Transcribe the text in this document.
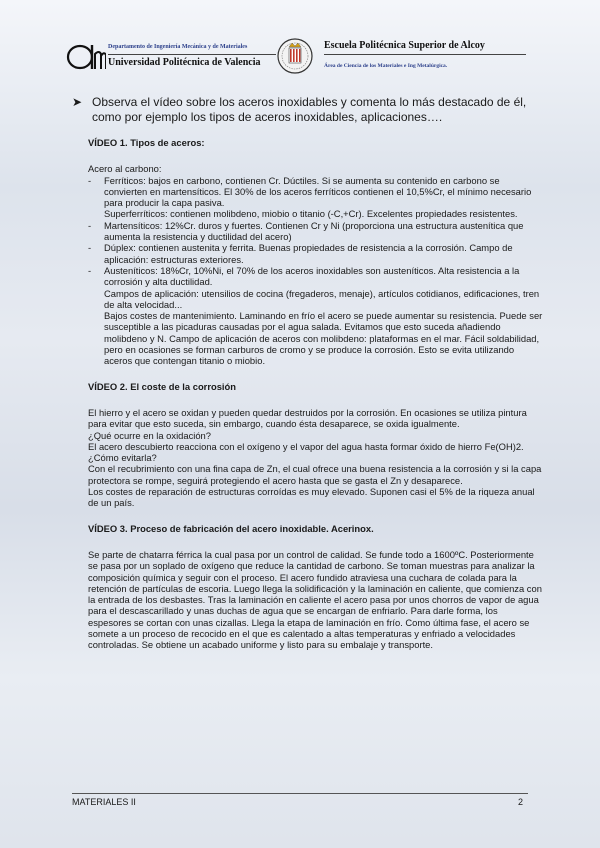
Departamento de Ingeniería Mecánica y de Materiales
Universidad Politécnica de Valencia
Escuela Politécnica Superior de Alcoy
Área de Ciencia de los Materiales e Ing Metalúrgica.
➤ Observa el vídeo sobre los aceros inoxidables y comenta lo más destacado de él, como por ejemplo los tipos de aceros inoxidables, aplicaciones….

VÍDEO 1. Tipos de aceros:

Acero al carbono:

- Ferríticos: bajos en carbono, contienen Cr. Dúctiles. Si se aumenta su contenido en carbono se convierten en martensíticos. El 30% de los aceros ferríticos contienen el 10,5%Cr, el mínimo necesario para producir la capa pasiva.

Superferríticos: contienen molibdeno, miobio o titanio (-C,+Cr). Excelentes propiedades resistentes.

- Martensíticos: 12%Cr. duros y fuertes. Contienen Cr y Ni (proporciona una estructura austenítica que aumenta la resistencia y ductilidad del acero)
- Dúplex: contienen austenita y ferrita. Buenas propiedades de resistencia a la corrosión. Campo de aplicación: estructuras exteriores.
- Austeníticos: 18%Cr, 10%Ni, el 70% de los aceros inoxidables son austeníticos. Alta resistencia a la corrosión y alta ductilidad.

Campos de aplicación: utensilios de cocina (fregaderos, menaje), artículos cotidianos, edificaciones, tren de alta velocidad...

Bajos costes de mantenimiento. Laminando en frío el acero se puede aumentar su resistencia. Puede ser susceptible a las picaduras causadas por el agua salada. Evitamos que esto suceda añadiendo molibdeno y N. Campo de aplicación de aceros con molibdeno: plataformas en el mar. Fácil soldabilidad, pero en ocasiones se forman carburos de cromo y se produce la corrosión. Esto se evita utilizando aceros que contengan titanio o miobio.

VÍDEO 2. El coste de la corrosión

El hierro y el acero se oxidan y pueden quedar destruidos por la corrosión. En ocasiones se utiliza pintura para evitar que esto suceda, sin embargo, cuando ésta desaparece, se oxida igualmente.

¿Qué ocurre en la oxidación?

El acero descubierto reacciona con el oxígeno y el vapor del agua hasta formar óxido de hierro Fe(OH)2.

¿Cómo evitarla?

Con el recubrimiento con una fina capa de Zn, el cual ofrece una buena resistencia a la corrosión y si la capa protectora se rompe, seguirá protegiendo el acero hasta que se gasta el Zn y desaparece.

Los costes de reparación de estructuras corroídas es muy elevado. Suponen casi el 5% de la riqueza anual de un país.

VÍDEO 3. Proceso de fabricación del acero inoxidable. Acerinox.

Se parte de chatarra férrica la cual pasa por un control de calidad. Se funde todo a 1600ºC. Posteriormente se pasa por un soplado de oxígeno que reduce la cantidad de carbono. Se toman muestras para analizar la composición química y seguir con el proceso. El acero fundido atraviesa una cuchara de colada para la retención de partículas de escoria. Luego llega la solidificación y la laminación en caliente, que comienza con la entrada de los desbastes. Tras la laminación en caliente el acero pasa por unos chorros de vapor de agua para el descascarillado y unas duchas de agua que se encargan de enfriarlo. Para darle forma, los espesores se cortan con unas cizallas. Llega la etapa de laminación en frío. Como última fase, el acero se somete a un proceso de recocido en el que es calentado a altas temperaturas y enfriado a velocidades controladas. Se obtiene un acabado uniforme y listo para su embalaje y transporte.

MATERIALES II	2
